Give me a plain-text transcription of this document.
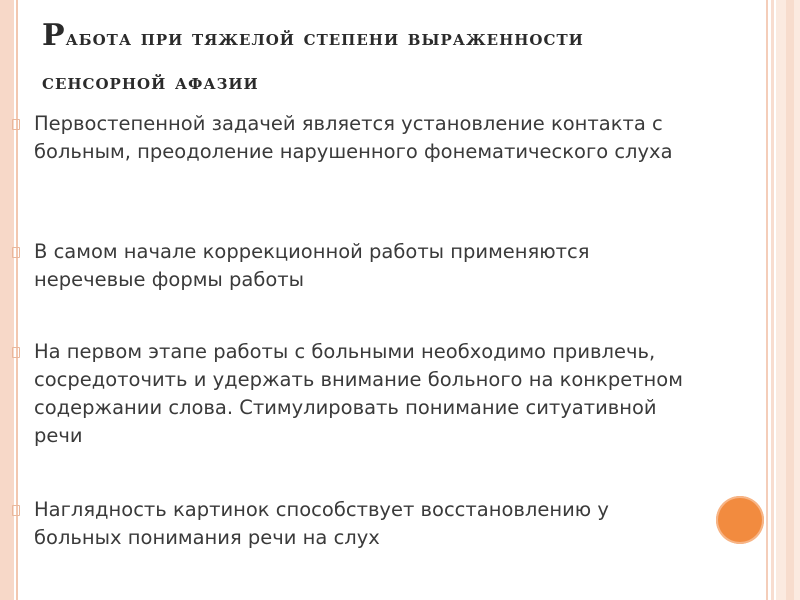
Работа при тяжелой степени выраженности
сенсорной афазии
Первостепенной задачей является установление контакта с больным, преодоление нарушенного фонематического слуха
В самом начале коррекционной работы применяются неречевые формы работы
На первом этапе работы с больными необходимо привлечь, сосредоточить и удержать внимание больного на конкретном содержании слова. Стимулировать понимание ситуативной речи
Наглядность картинок способствует восстановлению у больных понимания речи на слух
